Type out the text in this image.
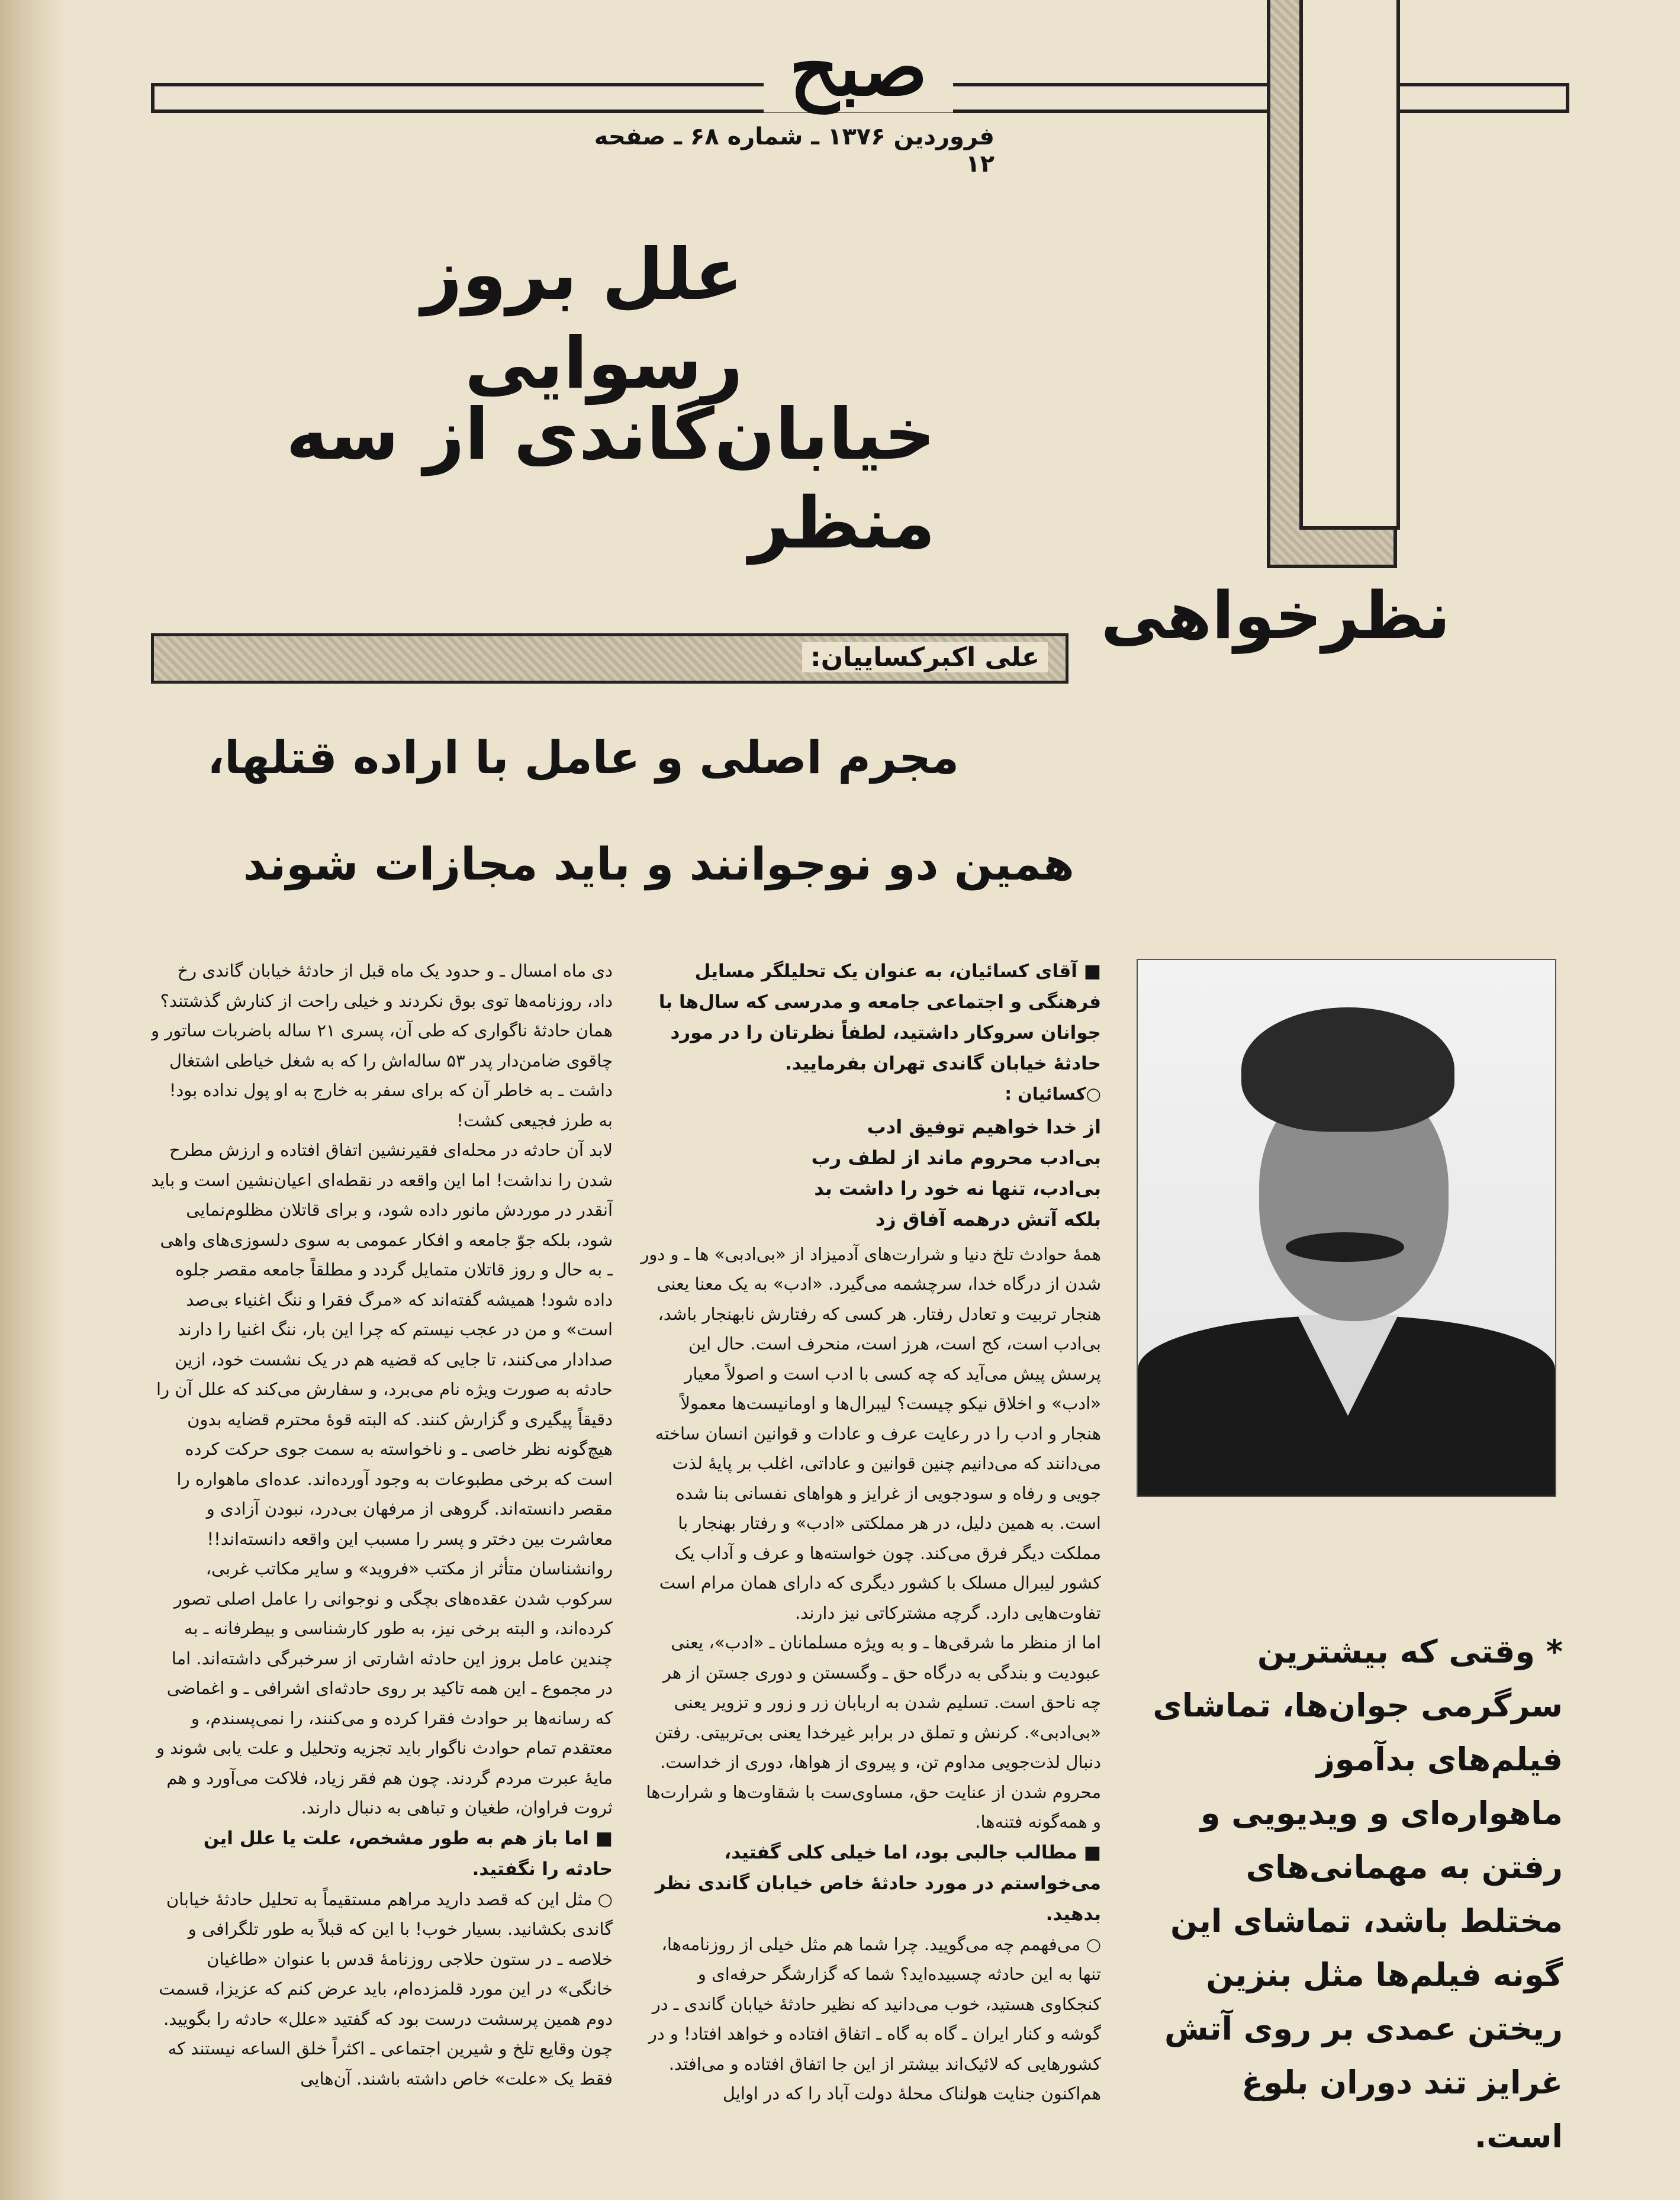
صبح
فروردین ۱۳۷۶ ـ شماره ۶۸ ـ صفحه ۱۲
علل بروز رسوایی
خیابان‌گاندی از سه منظر
نظرخواهی
علی اکبرکساییان:
مجرم اصلی و عامل با اراده قتلها،
همین دو نوجوانند و باید مجازات شوند

■ آقای کسائیان، به عنوان یک تحلیلگر مسایل فرهنگی و اجتماعی جامعه و مدرسی که سال‌ها با جوانان سروکار داشتید، لطفاً نظرتان را در مورد حادثهٔ خیابان گاندی تهران بفرمایید.

○کسائیان :

از خدا خواهیم توفیق ادب
بی‌ادب محروم ماند از لطف رب
بی‌ادب، تنها نه خود را داشت بد
بلکه آتش درهمه آفاق زد

همهٔ حوادث تلخ دنیا و شرارت‌های آدمیزاد از «بی‌ادبی» ها ـ و دور شدن از درگاه خدا، سرچشمه می‌گیرد. «ادب» به یک معنا یعنی هنجار تربیت و تعادل رفتار. هر کسی که رفتارش نابهنجار باشد، بی‌ادب است، کج است، هرز است، منحرف است. حال این پرسش پیش می‌آید که چه کسی با ادب است و اصولاً معیار «ادب» و اخلاق نیکو چیست؟ لیبرال‌ها و اومانیست‌ها معمولاً هنجار و ادب را در رعایت عرف و عادات و قوانین انسان ساخته می‌دانند که می‌دانیم چنین قوانین و عاداتی، اغلب بر پایهٔ لذت جویی و رفاه و سودجویی از غرایز و هواهای نفسانی بنا شده است. به همین دلیل، در هر مملکتی «ادب» و رفتار بهنجار با مملکت دیگر فرق می‌کند. چون خواسته‌ها و عرف و آداب یک کشور لیبرال مسلک با کشور دیگری که دارای همان مرام است تفاوت‌هایی دارد. گرچه مشترکاتی نیز دارند.

اما از منظر ما شرقی‌ها ـ و به ویژه مسلمانان ـ «ادب»، یعنی عبودیت و بندگی به درگاه حق ـ وگسستن و دوری جستن از هر چه ناحق است. تسلیم شدن به اربابان زر و زور و تزویر یعنی «بی‌ادبی». کرنش و تملق در برابر غیرخدا یعنی بی‌تربیتی. رفتن دنبال لذت‌جویی مداوم تن، و پیروی از هواها، دوری از خداست. محروم شدن از عنایت حق، مساوی‌ست با شقاوت‌ها و شرارت‌ها و همه‌گونه فتنه‌ها.

■ مطالب جالبی بود، اما خیلی کلی گفتید، می‌خواستم در مورد حادثهٔ خاص خیابان گاندی نظر بدهید.

○ می‌فهمم چه می‌گویید. چرا شما هم مثل خیلی از روزنامه‌ها، تنها به این حادثه چسبیده‌اید؟ شما که گزارشگر حرفه‌ای و کنجکاوی هستید، خوب می‌دانید که نظیر حادثهٔ خیابان گاندی ـ در گوشه و کنار ایران ـ گاه به گاه ـ اتفاق افتاده و خواهد افتاد! و در کشورهایی که لائیک‌اند بیشتر از این جا اتفاق افتاده و می‌افتد. هم‌اکنون جنایت هولناک محلهٔ دولت آباد را که در اوایل

دی ماه امسال ـ و حدود یک ماه قبل از حادثهٔ خیابان گاندی رخ داد، روزنامه‌ها توی بوق نکردند و خیلی راحت از کنارش گذشتند؟ همان حادثهٔ ناگواری که طی آن، پسری ۲۱ ساله باضربات ساتور و چاقوی ضامن‌دار پدر ۵۳ ساله‌اش را که به شغل خیاطی اشتغال داشت ـ به خاطر آن که برای سفر به خارج به او پول نداده بود! به طرز فجیعی کشت!

لابد آن حادثه در محله‌ای فقیرنشین اتفاق افتاده و ارزش مطرح شدن را نداشت! اما این واقعه در نقطه‌ای اعیان‌نشین است و باید آنقدر در موردش مانور داده شود، و برای قاتلان مظلوم‌نمایی شود، بلکه جوّ جامعه و افکار عمومی به سوی دلسوزی‌های واهی ـ به حال و روز قاتلان متمایل گردد و مطلقاً جامعه مقصر جلوه داده شود! همیشه گفته‌اند که «مرگ فقرا و ننگ اغنیاء بی‌صد است» و من در عجب نیستم که چرا این بار، ننگ اغنیا را دارند صدادار می‌کنند، تا جایی که قضیه هم در یک نشست خود، ازین حادثه به صورت ویژه نام می‌برد، و سفارش می‌کند که علل آن را دقیقاً پیگیری و گزارش کنند. که البته قوهٔ محترم قضایه بدون هیچ‌گونه نظر خاصی ـ و ناخواسته به سمت جوی حرکت کرده است که برخی مطبوعات به وجود آورده‌اند. عده‌ای ماهواره را مقصر دانسته‌اند. گروهی از مرفهان بی‌درد، نبودن آزادی و معاشرت بین دختر و پسر را مسبب این واقعه دانسته‌اند!! روانشناسان متأثر از مکتب «فروید» و سایر مکاتب غربی، سرکوب شدن عقده‌های بچگی و نوجوانی را عامل اصلی تصور کرده‌اند، و البته برخی نیز، به طور کارشناسی و بیطرفانه ـ به چندین عامل بروز این حادثه اشارتی از سرخبرگی داشته‌اند. اما در مجموع ـ این همه تاکید بر روی حادثه‌ای اشرافی ـ و اغماضی که رسانه‌ها بر حوادث فقرا کرده و می‌کنند، را نمی‌پسندم، و معتقدم تمام حوادث ناگوار باید تجزیه وتحلیل و علت یابی شوند و مایهٔ عبرت مردم گردند. چون هم فقر زیاد، فلاکت می‌آورد و هم ثروت فراوان، طغیان و تباهی به دنبال دارند.

■ اما باز هم به طور مشخص، علت یا علل این حادثه را نگفتید.

○ مثل این که قصد دارید مراهم مستقیماً به تحلیل حادثهٔ خیابان گاندی بکشانید. بسیار خوب! با این که قبلاً به طور تلگرافی و خلاصه ـ در ستون حلاجی روزنامهٔ قدس با عنوان «طاغیان خانگی» در این مورد قلمزده‌ام، باید عرض کنم که عزیزا، قسمت دوم همین پرسشت درست بود که گفتید «علل» حادثه را بگویید. چون وقایع تلخ و شیرین اجتماعی ـ اکثراً خلق الساعه نیستند که فقط یک «علت» خاص داشته باشند. آن‌هایی

* وقتی که بیشترین سرگرمی جوان‌ها، تماشای فیلم‌های بدآموز ماهواره‌ای و ویدیویی و رفتن به مهمانی‌های مختلط باشد، تماشای این گونه فیلم‌ها مثل بنزین ریختن عمدی بر روی آتش غرایز تند دوران بلوغ است.
